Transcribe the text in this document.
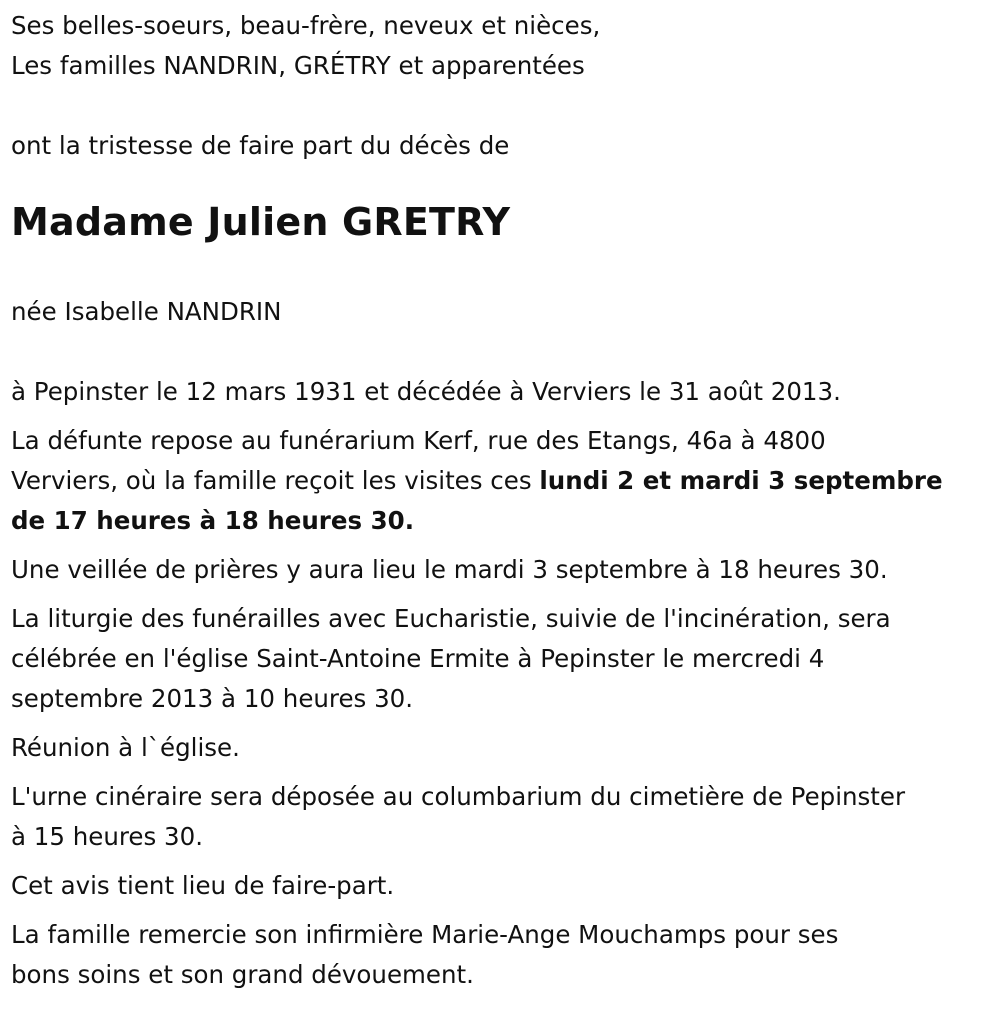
Ses belles-soeurs, beau-frère, neveux et nièces,
Les familles NANDRIN, GRÉTRY et apparentées
ont la tristesse de faire part du décès de
Madame Julien GRETRY
née Isabelle NANDRIN
à Pepinster le 12 mars 1931 et décédée à Verviers le 31 août 2013.
La défunte repose au funérarium Kerf, rue des Etangs, 46a à 4800
Verviers, où la famille reçoit les visites ces lundi 2 et mardi 3 septembre
de 17 heures à 18 heures 30.
Une veillée de prières y aura lieu le mardi 3 septembre à 18 heures 30.
La liturgie des funérailles avec Eucharistie, suivie de l'incinération, sera
célébrée en l'église Saint-Antoine Ermite à Pepinster le mercredi 4
septembre 2013 à 10 heures 30.
Réunion à l`église.
L'urne cinéraire sera déposée au columbarium du cimetière de Pepinster
à 15 heures 30.
Cet avis tient lieu de faire-part.
La famille remercie son infirmière Marie-Ange Mouchamps pour ses
bons soins et son grand dévouement.
